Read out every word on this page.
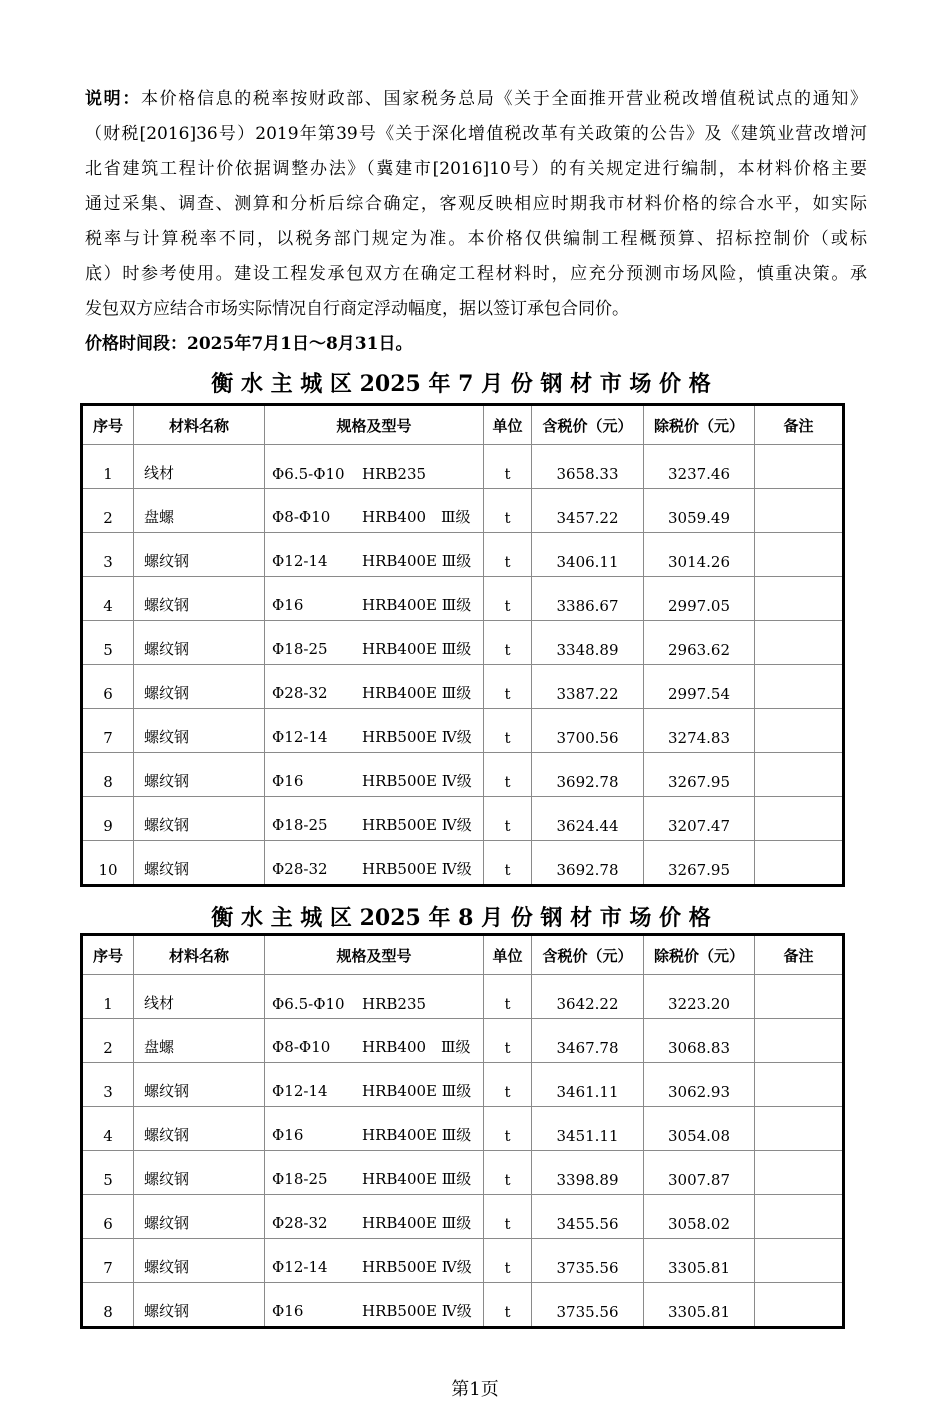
说明：本价格信息的税率按财政部、国家税务总局《关于全面推开营业税改增值税试点的通知》
（财税[2016]36号）2019年第39号《关于深化增值税改革有关政策的公告》及《建筑业营改增河
北省建筑工程计价依据调整办法》（冀建市[2016]10号）的有关规定进行编制，本材料价格主要
通过采集、调查、测算和分析后综合确定，客观反映相应时期我市材料价格的综合水平，如实际
税率与计算税率不同，以税务部门规定为准。本价格仅供编制工程概预算、招标控制价（或标
底）时参考使用。建设工程发承包双方在确定工程材料时，应充分预测市场风险，慎重决策。承
发包双方应结合市场实际情况自行商定浮动幅度，据以签订承包合同价。
价格时间段：2025年7月1日～8月31日。
衡 水 主 城 区 2025 年 7 月 份 钢 材 市 场 价 格
序号	材料名称	规格及型号	单位	含税价（元）	除税价（元）	备注
1	线材	Φ6.5-Φ10 HRB235	t	3658.33	3237.46	
2	盘螺	Φ8-Φ10 HRB400　Ⅲ级	t	3457.22	3059.49	
3	螺纹钢	Φ12-14 HRB400E Ⅲ级	t	3406.11	3014.26	
4	螺纹钢	Φ16 HRB400E Ⅲ级	t	3386.67	2997.05	
5	螺纹钢	Φ18-25 HRB400E Ⅲ级	t	3348.89	2963.62	
6	螺纹钢	Φ28-32 HRB400E Ⅲ级	t	3387.22	2997.54	
7	螺纹钢	Φ12-14 HRB500E Ⅳ级	t	3700.56	3274.83	
8	螺纹钢	Φ16 HRB500E Ⅳ级	t	3692.78	3267.95	
9	螺纹钢	Φ18-25 HRB500E Ⅳ级	t	3624.44	3207.47	
10	螺纹钢	Φ28-32 HRB500E Ⅳ级	t	3692.78	3267.95	
衡 水 主 城 区 2025 年 8 月 份 钢 材 市 场 价 格
序号	材料名称	规格及型号	单位	含税价（元）	除税价（元）	备注
1	线材	Φ6.5-Φ10 HRB235	t	3642.22	3223.20	
2	盘螺	Φ8-Φ10 HRB400　Ⅲ级	t	3467.78	3068.83	
3	螺纹钢	Φ12-14 HRB400E Ⅲ级	t	3461.11	3062.93	
4	螺纹钢	Φ16 HRB400E Ⅲ级	t	3451.11	3054.08	
5	螺纹钢	Φ18-25 HRB400E Ⅲ级	t	3398.89	3007.87	
6	螺纹钢	Φ28-32 HRB400E Ⅲ级	t	3455.56	3058.02	
7	螺纹钢	Φ12-14 HRB500E Ⅳ级	t	3735.56	3305.81	
8	螺纹钢	Φ16 HRB500E Ⅳ级	t	3735.56	3305.81	
第1页
